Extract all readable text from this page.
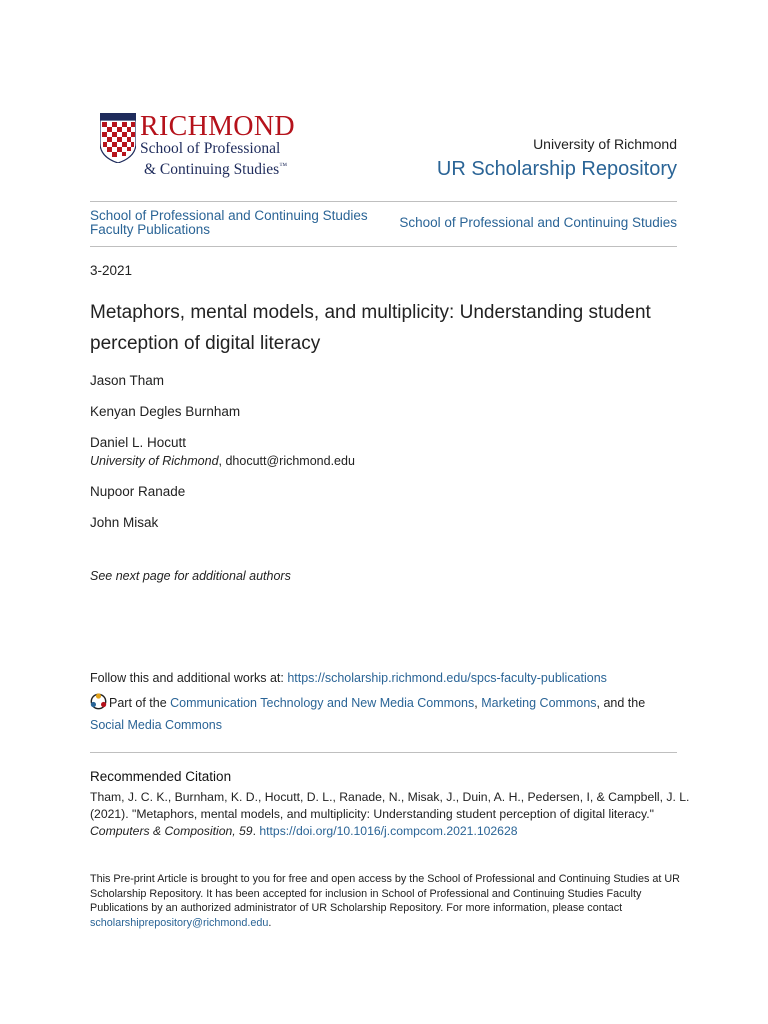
RICHMOND
School of Professional
& Continuing Studies™
University of Richmond
UR Scholarship Repository
School of Professional and Continuing Studies
Faculty Publications	School of Professional and Continuing Studies
3-2021
Metaphors, mental models, and multiplicity: Understanding student perception of digital literacy
Jason Tham
Kenyan Degles Burnham
Daniel L. Hocutt
University of Richmond, dhocutt@richmond.edu
Nupoor Ranade
John Misak
See next page for additional authors
Follow this and additional works at: https://scholarship.richmond.edu/spcs-faculty-publications
Part of the Communication Technology and New Media Commons, Marketing Commons, and the
Social Media Commons
Recommended Citation
Tham, J. C. K., Burnham, K. D., Hocutt, D. L., Ranade, N., Misak, J., Duin, A. H., Pedersen, I, & Campbell, J. L. (2021). "Metaphors, mental models, and multiplicity: Understanding student perception of digital literacy." Computers & Composition, 59. https://doi.org/10.1016/j.compcom.2021.102628
This Pre-print Article is brought to you for free and open access by the School of Professional and Continuing Studies at UR Scholarship Repository. It has been accepted for inclusion in School of Professional and Continuing Studies Faculty Publications by an authorized administrator of UR Scholarship Repository. For more information, please contact scholarshiprepository@richmond.edu.
